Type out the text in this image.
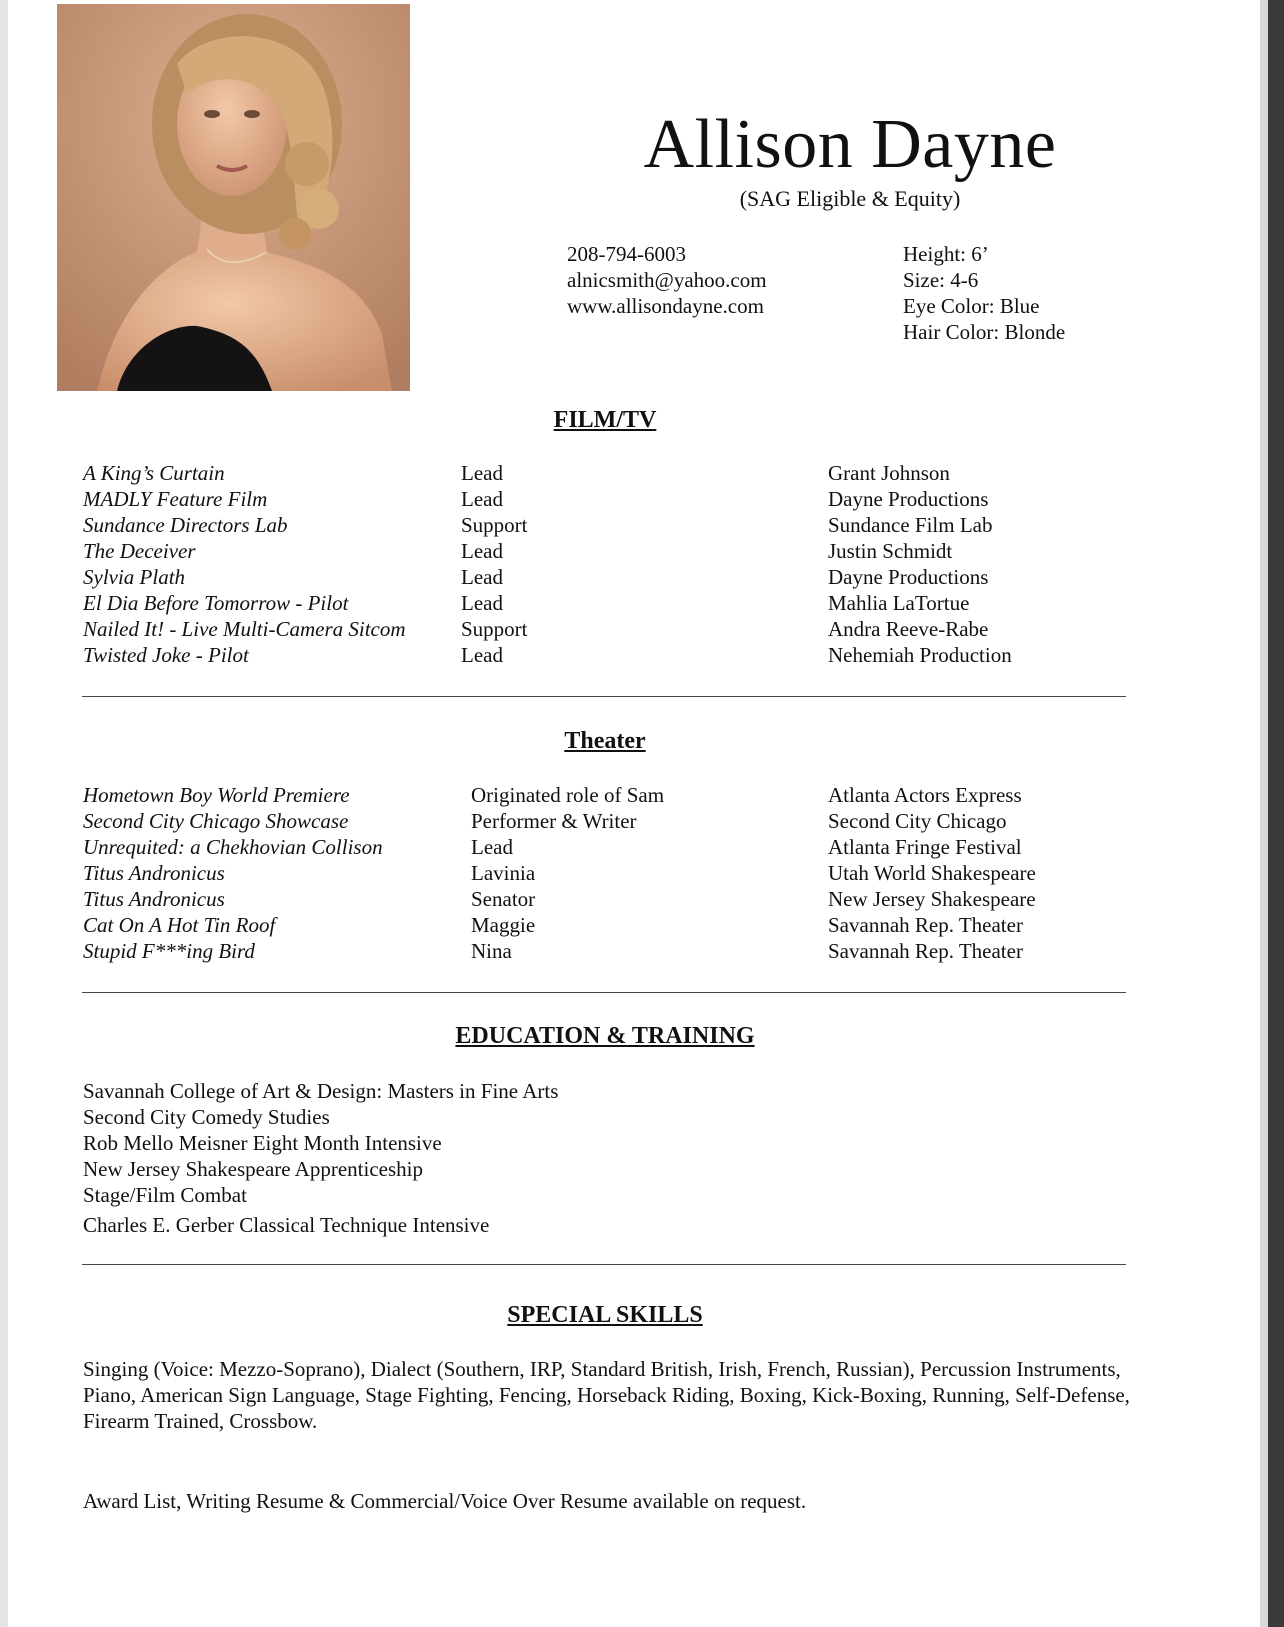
Allison Dayne
(SAG Eligible & Equity)
208-794-6003
alnicsmith@yahoo.com
www.allisondayne.com
Height: 6’
Size: 4-6
Eye Color: Blue
Hair Color: Blonde
FILM/TV
A King’s Curtain
MADLY Feature Film
Sundance Directors Lab
The Deceiver
Sylvia Plath
El Dia Before Tomorrow - Pilot
Nailed It! - Live Multi-Camera Sitcom
Twisted Joke - Pilot
Lead
Lead
Support
Lead
Lead
Lead
Support
Lead
Grant Johnson
Dayne Productions
Sundance Film Lab
Justin Schmidt
Dayne Productions
Mahlia LaTortue
Andra Reeve-Rabe
Nehemiah Production
Theater
Hometown Boy World Premiere
Second City Chicago Showcase
Unrequited: a Chekhovian Collison
Titus Andronicus
Titus Andronicus
Cat On A Hot Tin Roof
Stupid F***ing Bird
Originated role of Sam
Performer & Writer
Lead
Lavinia
Senator
Maggie
Nina
Atlanta Actors Express
Second City Chicago
Atlanta Fringe Festival
Utah World Shakespeare
New Jersey Shakespeare
Savannah Rep. Theater
Savannah Rep. Theater
EDUCATION & TRAINING
Savannah College of Art & Design: Masters in Fine Arts
Second City Comedy Studies
Rob Mello Meisner Eight Month Intensive
New Jersey Shakespeare Apprenticeship
Stage/Film Combat
Charles E. Gerber Classical Technique Intensive
SPECIAL SKILLS
Singing (Voice: Mezzo-Soprano), Dialect (Southern, IRP, Standard British, Irish, French, Russian), Percussion Instruments, Piano, American Sign Language, Stage Fighting, Fencing, Horseback Riding, Boxing, Kick-Boxing, Running, Self-Defense, Firearm Trained, Crossbow.
Award List, Writing Resume & Commercial/Voice Over Resume available on request.
